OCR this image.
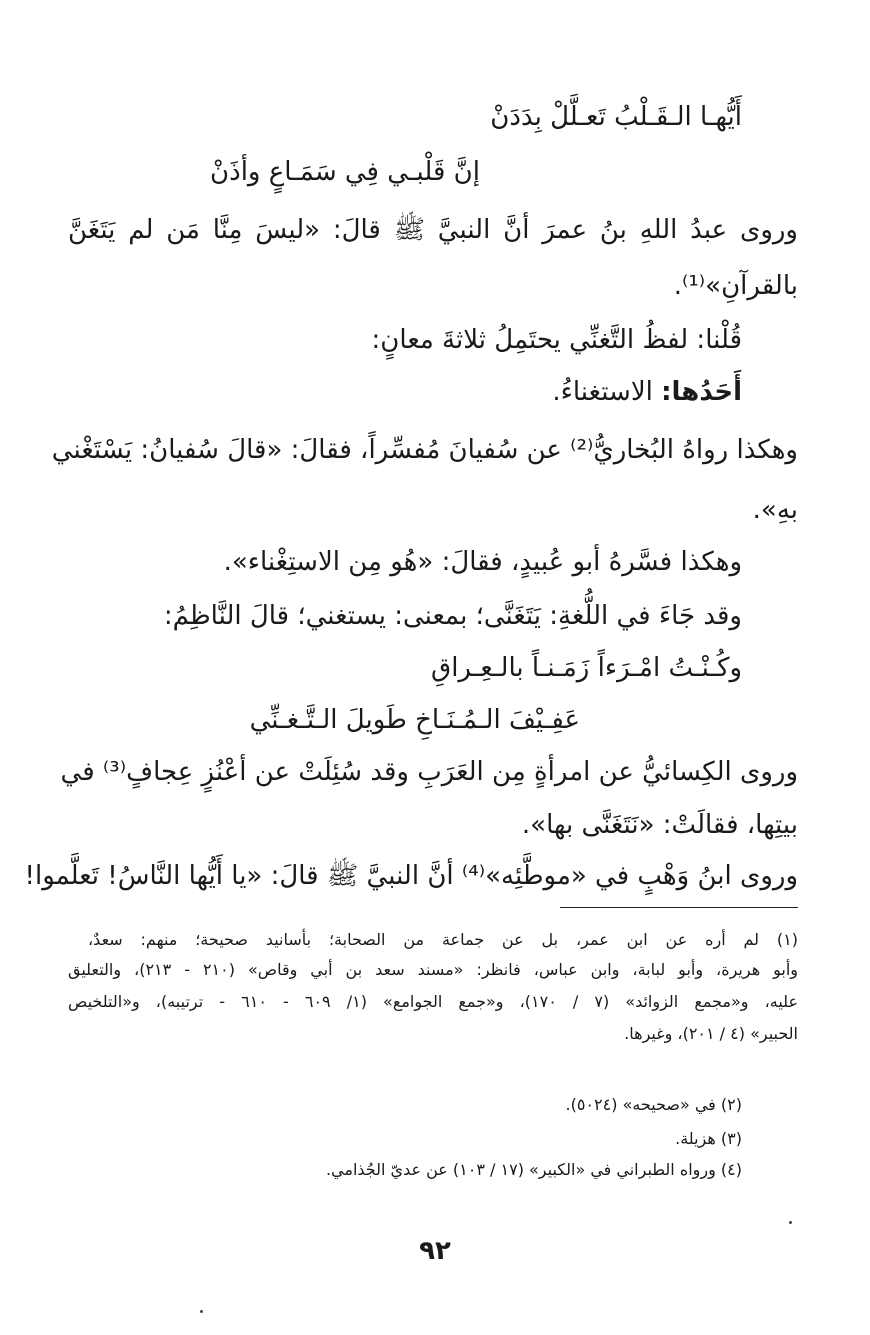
أَيُّهـا الـقَـلْبُ تَعـلَّلْ بِدَدَنْ
إنَّ قَلْبـي فِي سَمَـاعٍ وأذَنْ
وروى عبدُ اللهِ بنُ عمرَ أنَّ النبيَّ ﷺ قالَ: «ليسَ مِنَّا مَن لم يَتَغَنَّ
بالقرآنِ»⁽¹⁾.
قُلْنا: لفظُ التَّغنِّي يحتَمِلُ ثلاثةَ معانٍ:
أَحَدُها: الاستغناءُ.
وهكذا رواهُ البُخاريُّ⁽²⁾ عن سُفيانَ مُفسِّراً، فقالَ: «قالَ سُفيانُ: يَسْتَغْني
بهِ».
وهكذا فسَّرهُ أبو عُبيدٍ، فقالَ: «هُو مِن الاستِغْناء».
وقد جَاءَ في اللُّغةِ: يَتَغَنَّى؛ بمعنى: يستغني؛ قالَ النَّاظِمُ:
وكُـنْـتُ امْـرَءاً زَمَـنـاً بالـعِـراقِ
عَفِـيْفَ الـمُـنَـاخِ طَويلَ الـتَّـغـنِّي
وروى الكِسائيُّ عن امرأةٍ مِن العَرَبِ وقد سُئِلَتْ عن أعْنُزٍ عِجافٍ⁽³⁾ في
بيتِها، فقالَتْ: «نَتَغَنَّى بها».
وروى ابنُ وَهْبٍ في «موطَّئِه»⁽⁴⁾ أنَّ النبيَّ ﷺ قالَ: «يا أَيُّها النَّاسُ! تَعلَّموا!
(١) لم أره عن ابن عمر، بل عن جماعة من الصحابة؛ بأسانيد صحيحة؛ منهم: سعدٌ،
وأبو هريرة، وأبو لبابة، وابن عباس، فانظر: «مسند سعد بن أبي وقاص» (٢١٠ - ٢١٣)، والتعليق
عليه، و«مجمع الزوائد» (٧ / ١٧٠)، و«جمع الجوامع» (١/ ٦٠٩ - ٦١٠ - ترتيبه)، و«التلخيص
الحبير» (٤ / ٢٠١)، وغيرها.
(٢) في «صحيحه» (٥٠٢٤).
(٣) هزيلة.
(٤) ورواه الطبراني في «الكبير» (١٧ / ١٠٣) عن عديّ الجُذامي.
٩٢
